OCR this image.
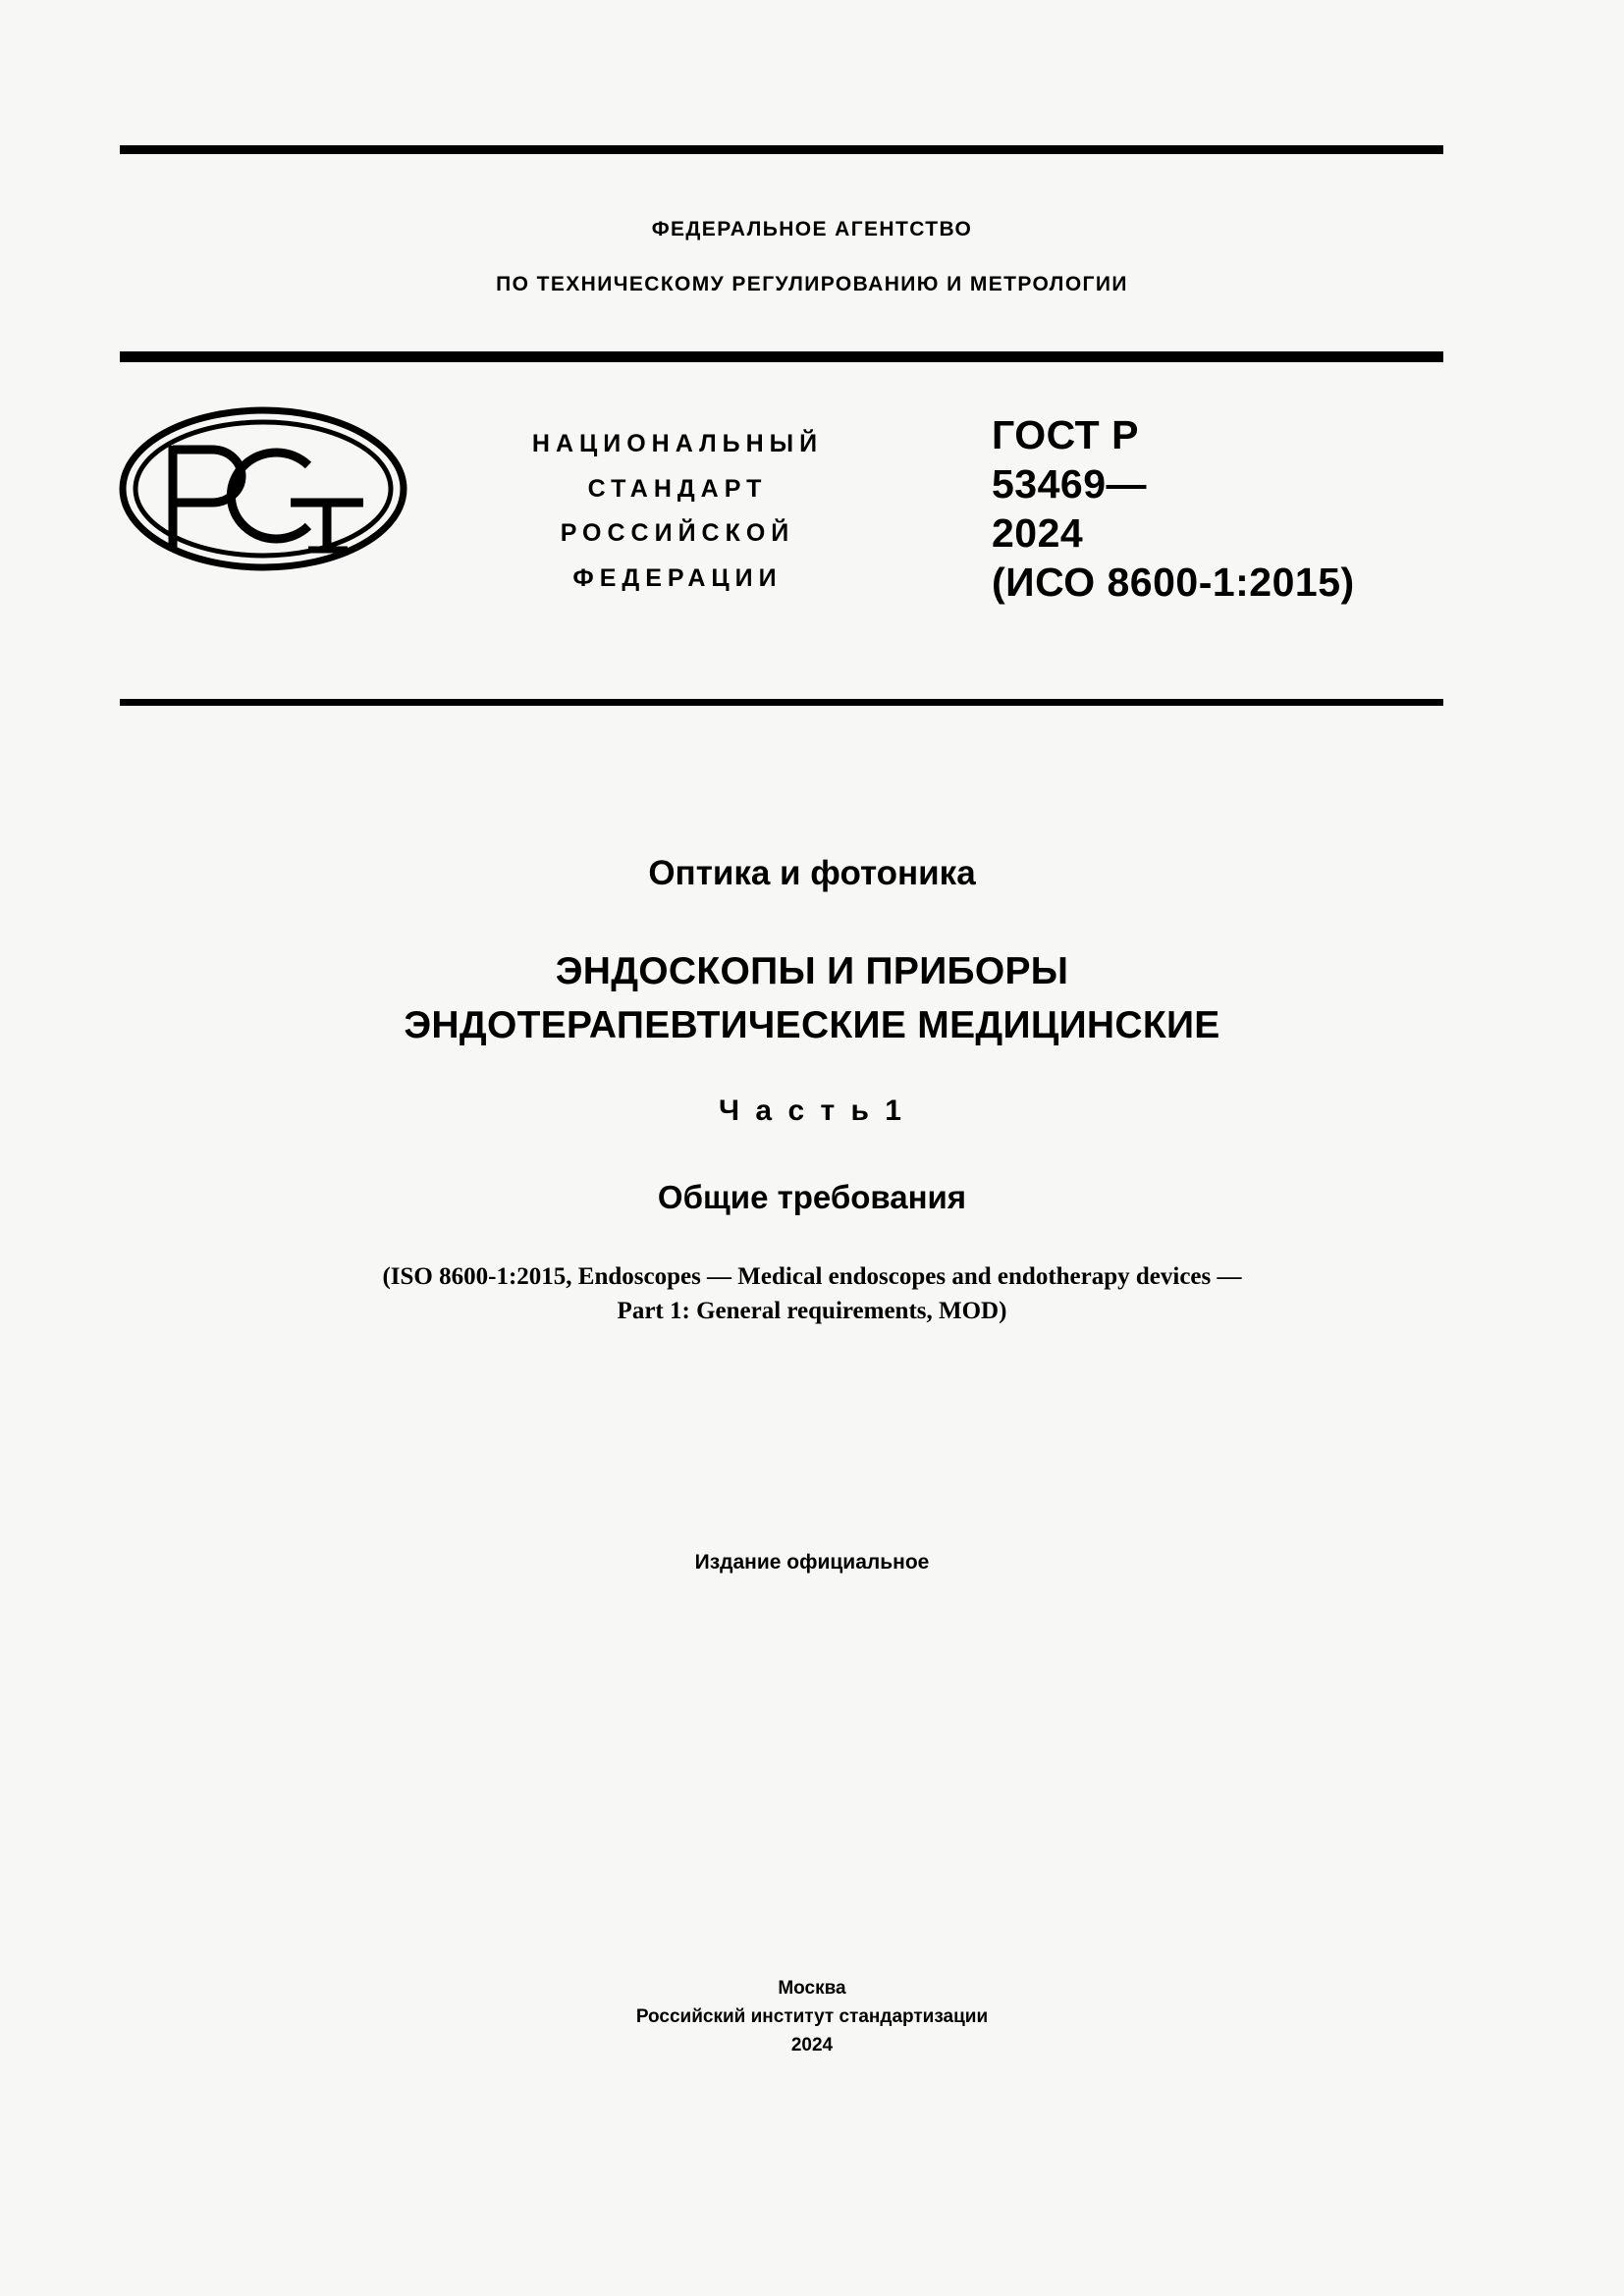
ФЕДЕРАЛЬНОЕ АГЕНТСТВО
ПО ТЕХНИЧЕСКОМУ РЕГУЛИРОВАНИЮ И МЕТРОЛОГИИ
НАЦИОНАЛЬНЫЙ
СТАНДАРТ
РОССИЙСКОЙ
ФЕДЕРАЦИИ
ГОСТ Р
53469—
2024
(ИСО 8600-1:2015)
Оптика и фотоника
ЭНДОСКОПЫ И ПРИБОРЫ
ЭНДОТЕРАПЕВТИЧЕСКИЕ МЕДИЦИНСКИЕ
Ч а с т ь 1
Общие требования
(ISO 8600-1:2015, Endoscopes — Medical endoscopes and endotherapy devices —
Part 1: General requirements, MOD)
Издание официальное
Москва
Российский институт стандартизации
2024
